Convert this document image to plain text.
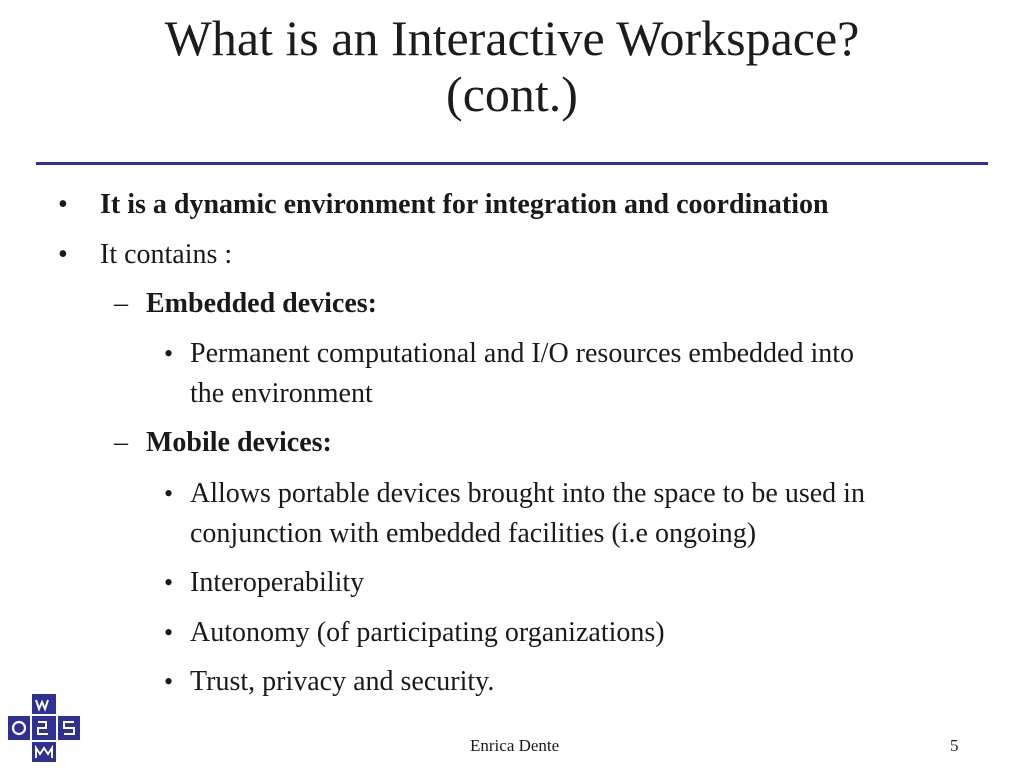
What is an Interactive Workspace?
(cont.)
• It is a dynamic environment for integration and coordination
• It contains :
– Embedded devices:
• Permanent computational and I/O resources embedded into
the environment
– Mobile devices:
• Allows portable devices brought into the space to be used in
conjunction with embedded facilities (i.e ongoing)
• Interoperability
• Autonomy (of participating organizations)
• Trust, privacy and security.
Enrica Dente	5
